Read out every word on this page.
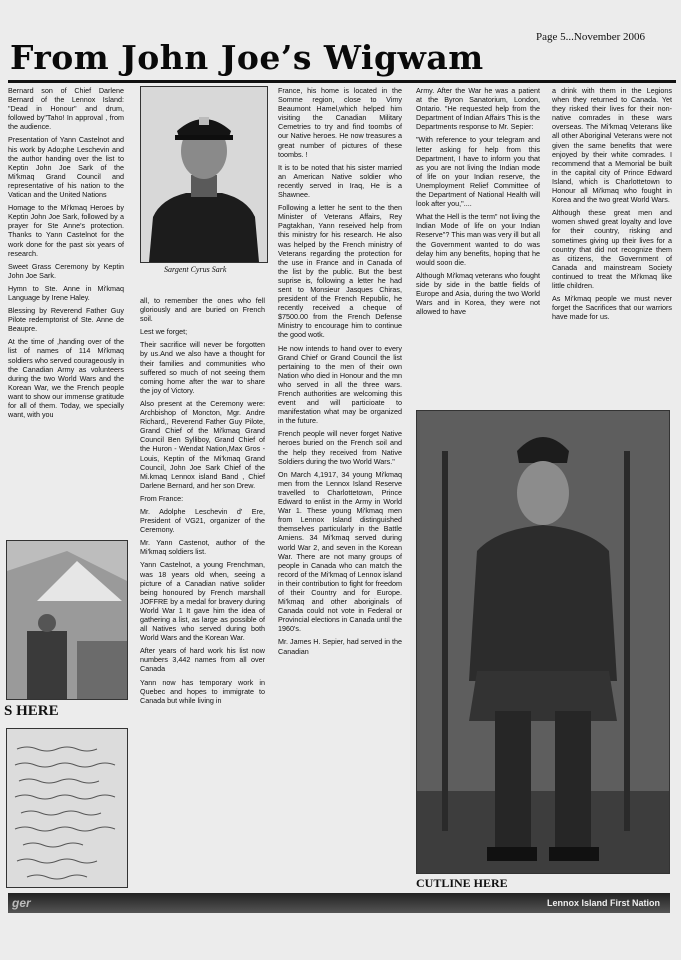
Page 5...November 2006
From John Joe’s Wigwam

Bernard son of Chief Darlene Bernard of the Lennox Island: "Dead in Honour" and drum, followed by"Taho! In approval , from the audience.

Presentation of Yann Castelnot and his work by Ado;phe Leschevin and the author handing over the list to Keptin John Joe Sark of the Mi'kmaq Grand Council and representative of his nation to the Vatican and the United Nations

Homage to the Mi'kmaq Heroes by Keptin John Joe Sark, followed by a prayer for Ste Anne's protection. Thanks to Yann Castelnot for the work done for the past six years of research.

Sweet Grass Ceremony by Keptin John Joe Sark.

Hymn to Ste. Anne in Mi'kmaq Language by Irene Haley.

Blessing by Reverend Father Guy Pilote redemptorist of Ste. Anne de Beaupre.

At the time of ,handing over of the list of names of 114 Mi'kmaq soldiers who served courageously in the Canadian Army as volunteers during the two World Wars and the Korean War, we the French people want to show our immense gratitude for all of them. Today, we specially want, with you

all, to remember the ones who fell gloriously and are buried on French soil.

Lest we forget;

Their sacrifice will never be forgotten by us.And we also have a thought for their families and communities who suffered so much of not seeing them coming home after the war to share the joy of Victory.

Also present at the Ceremony were: Archbishop of Moncton, Mgr. Andre Richard,, Reverend Father Guy Pilote, Grand Chief of the Mi'kmaq Grand Council Ben Sylliboy, Grand Chief of the Huron - Wendat Nation,Max Gros - Louis, Keptin of the Mi'kmaq Grand Council, John Joe Sark Chief of the Mi.kmaq Lennox island Band , Chief Darlene Bernard, and her son Drew.

From France:

Mr. Adolphe Leschevin d' Ere, President of VG21, organizer of the Ceremony.

Mr. Yann Castenot, author of the Mi'kmaq soldiers list.

Yann Castelnot, a young Frenchman, was 18 years old when, seeing a picture of a Canadian native solider being honoured by French marshall JOFFRE by a medal for bravery during World War 1 It gave him the idea of gathering a list, as large as possible of all Natives who served during both World Wars and the Korean War.

After years of hard work his list now numbers 3,442 names from all over Canada

Yann now has temporary work in Quebec and hopes to immigrate to Canada but while living in

France, his home is located in the Somme region, close to Vimy Beaumont Hamel,which helped him visiting the Canadian Military Cemetries to try and find toombs of our Native heroes. He now treasures a great number of pictures of these toombs. !

It is to be noted that his sister married an American Native soldier who recently served in Iraq, He is a Shawnee.

Following a letter he sent to the then Minister of Veterans Affairs, Rey Pagtakhan, Yann reseived help from this ministry for his research. He also was helped by the French ministry of Veterans regarding the protection for the use in France and in Canada of the list by the public. But the best suprise is, following a letter he had sent to Monsieur Jasques Chiras, president of the French Republic, he recently received a cheque of $7500.00 from the French Defense Ministry to encourage him to continue the good wotk.

He now intends to hand over to every Grand Chief or Grand Council the list pertaining to the men of their own Nation who died in Honour and the mn who served in all the three wars. French authorities are welcoming this event and will particioate to manifestation what may be organized in the future.

French people will never forget Native heroes buried on the French soil and the help they received from Native Soldiers during the two World Wars."

On March 4,1917, 34 young Mi'kmaq men from the Lennox Island Reserve travelled to Charlottetown, Prince Edward to enlist in the Army in World War 1. These young Mi'kmaq men from Lennox Island distinguished themselves particularly in the Battle Amiens. 34 Mi'kmaq served during world War 2, and seven in the Korean War. There are not many groups of people in Canada who can match the record of the Mi'kmaq of Lennox island in their contribution to fight for freedom of their Country and for Europe. Mi'kmaq and other aboriginals of Canada could not vote in Federal or Provincial elections in Canada until the 1960's.

Mr. James H. Sepier, had served in the Canadian

Army. After the War he was a patient at the Byron Sanatorium, London, Ontario. "He requested help from the Department of Indian Affairs This is the Departments response to Mr. Sepier:

"With reference to your telegram and letter asking for help from this Department, I have to inform you that as you are not living the Indian mode of life on your Indian reserve, the Unemployment Relief Committee of the Department of National Health will look after you,"....

What the Hell is the term" not living the Indian Mode of life on your Indian Reserve"? This man was very ill but all the Government wanted to do was delay him any benefits, hoping that he would soon die.

Although Mi'kmaq veterans who fought side by side in the battle fields of Europe and Asia, during the two World Wars and in Korea, they were not allowed to have

a drink with them in the Legions when they returned to Canada. Yet they risked their lives for their non-native comrades in these wars overseas. The Mi'kmaq Veterans like all other Aboriginal Veterans were not given the same benefits that were enjoyed by their white comrades. I recommend that a Memorial be built in the capital city of Prince Edward Island, which is Charlottetown to Honour all Mi'kmaq who fought in Korea and the two great World Wars.

Although these great men and women shwed great loyalty and love for their country, risking and sometimes giving up their lives for a country that did not recognize them as citizens, the Government of Canada and mainstream Society continued to treat the Mi'kmaq like little children.

As Mi'kmaq people we must never forget the Sacrifices that our warriors have made for us.

Sargent Cyrus Sark
S HERE
CUTLINE HERE
ger	Lennox Island First Nation
